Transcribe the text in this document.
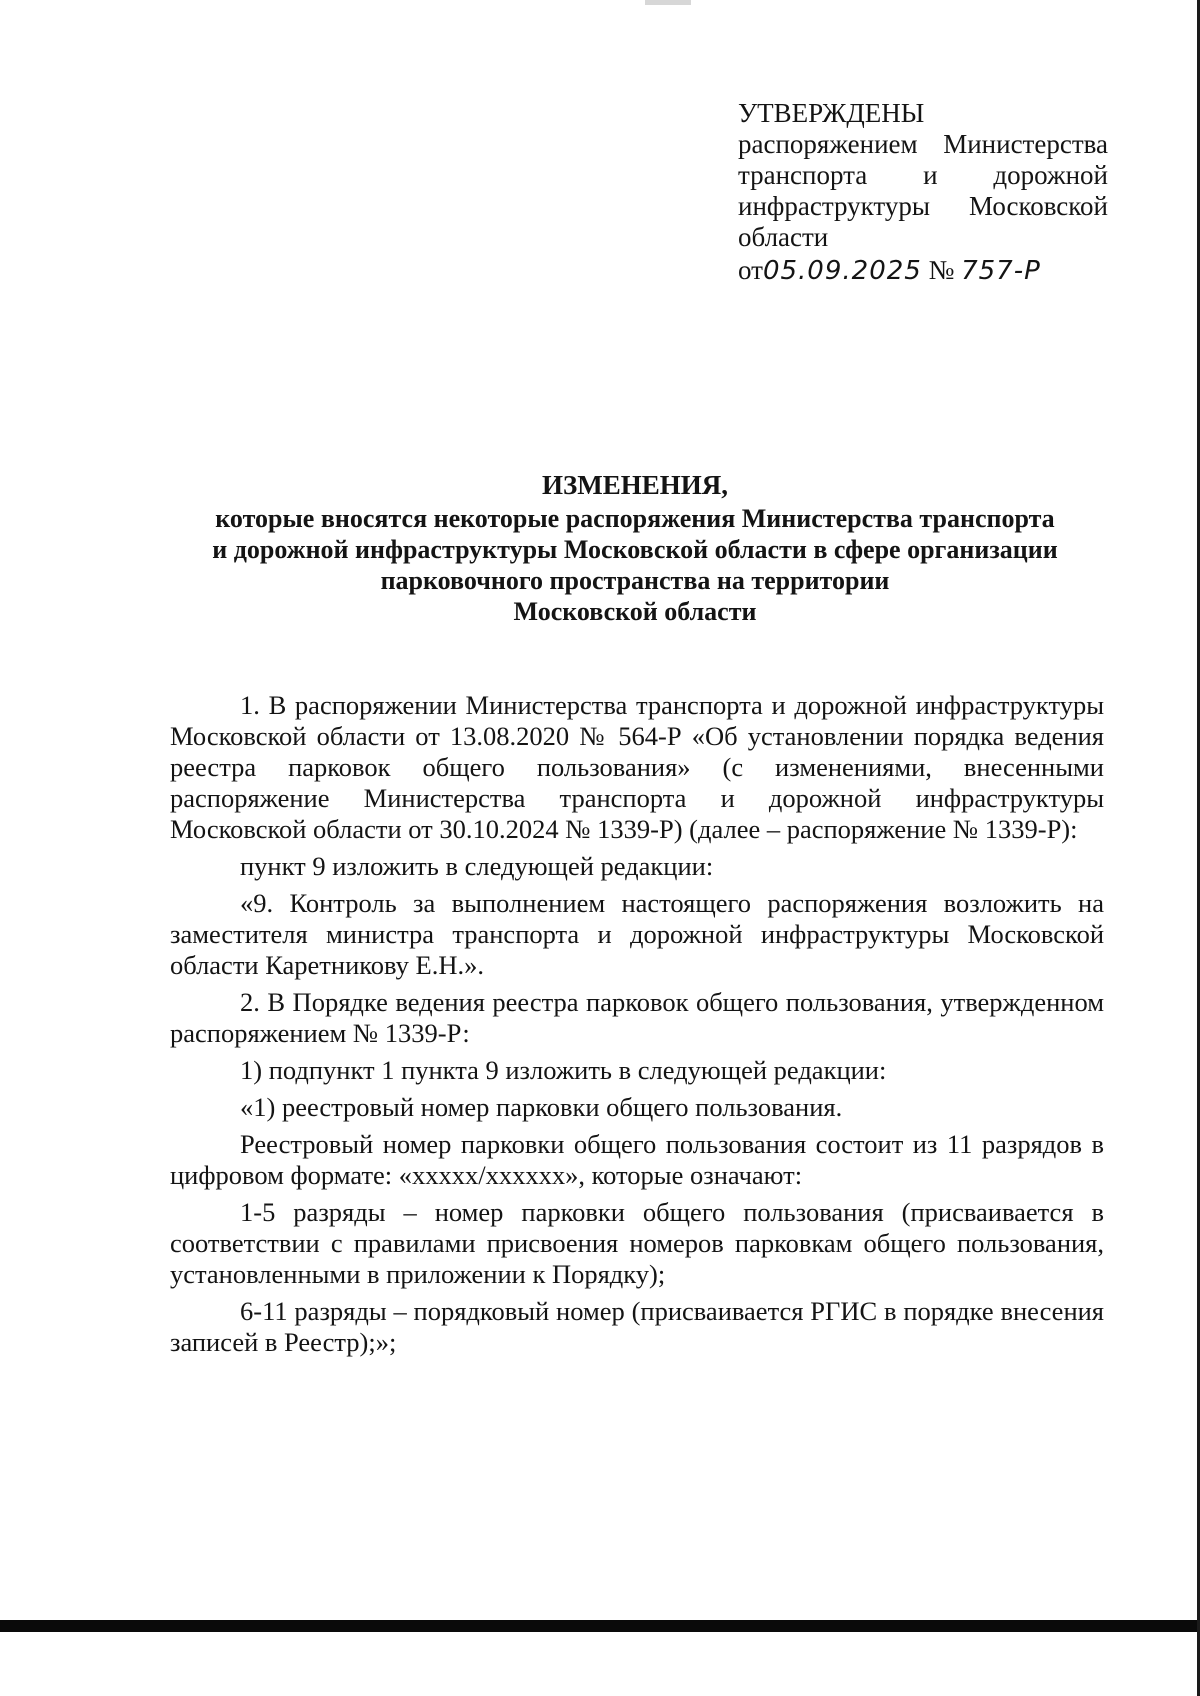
УТВЕРЖДЕНЫ
распоряжением Министерства транспорта и дорожной инфраструктуры Московской области
от05.09.2025 № 757-Р
ИЗМЕНЕНИЯ,
которые вносятся некоторые распоряжения Министерства транспорта
и дорожной инфраструктуры Московской области в сфере организации
парковочного пространства на территории
Московской области

1. В распоряжении Министерства транспорта и дорожной инфраструктуры Московской области от 13.08.2020 № 564-Р «Об установлении порядка ведения реестра парковок общего пользования» (с изменениями, внесенными распоряжение Министерства транспорта и дорожной инфраструктуры Московской области от 30.10.2024 № 1339-Р) (далее – распоряжение № 1339-Р):

пункт 9 изложить в следующей редакции:

«9. Контроль за выполнением настоящего распоряжения возложить на заместителя министра транспорта и дорожной инфраструктуры Московской области Каретникову Е.Н.».

2. В Порядке ведения реестра парковок общего пользования, утвержденном распоряжением № 1339-Р:

1) подпункт 1 пункта 9 изложить в следующей редакции:

«1) реестровый номер парковки общего пользования.

Реестровый номер парковки общего пользования состоит из 11 разрядов в цифровом формате: «ххххх/хххххх», которые означают:

1-5 разряды – номер парковки общего пользования (присваивается в соответствии с правилами присвоения номеров парковкам общего пользования, установленными в приложении к Порядку);

6-11 разряды – порядковый номер (присваивается РГИС в порядке внесения записей в Реестр);»;
